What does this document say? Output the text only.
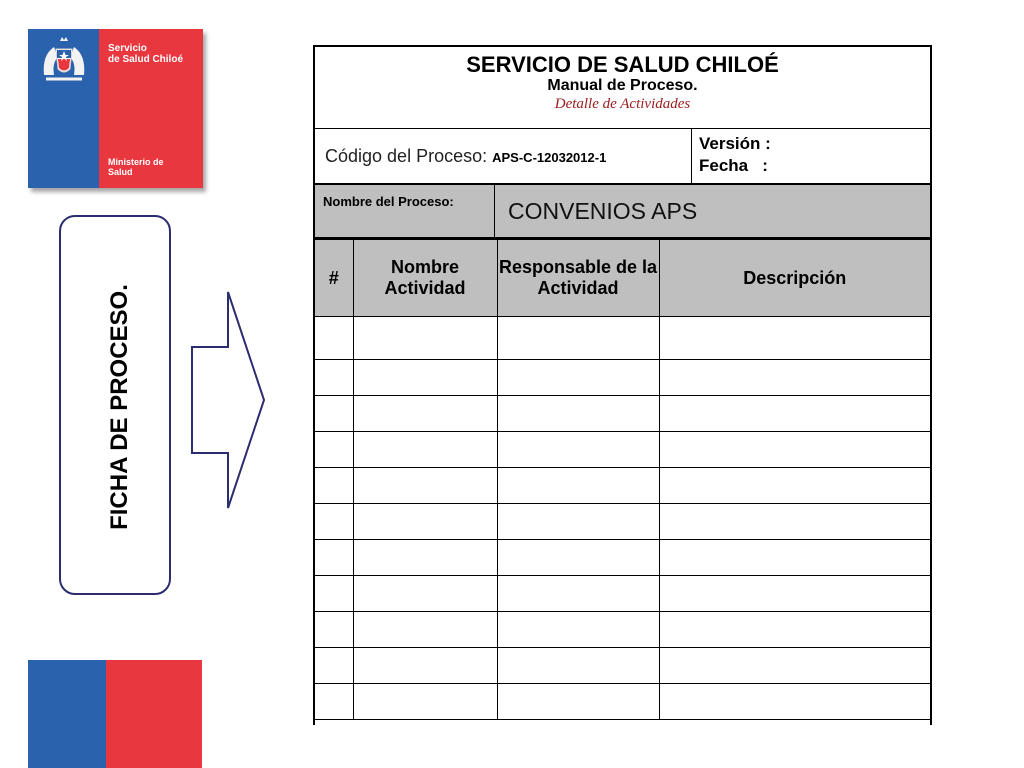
Servicio
de Salud Chiloé
Ministerio de
Salud
FICHA DE PROCESO.
SERVICIO DE SALUD CHILOÉ
Manual de Proceso.
Detalle de Actividades
Código del Proceso: APS-C-12032012-1
Versión :
Fecha   :
Nombre del Proceso: CONVENIOS APS
#	Nombre Actividad	Responsable de la Actividad	Descripción
